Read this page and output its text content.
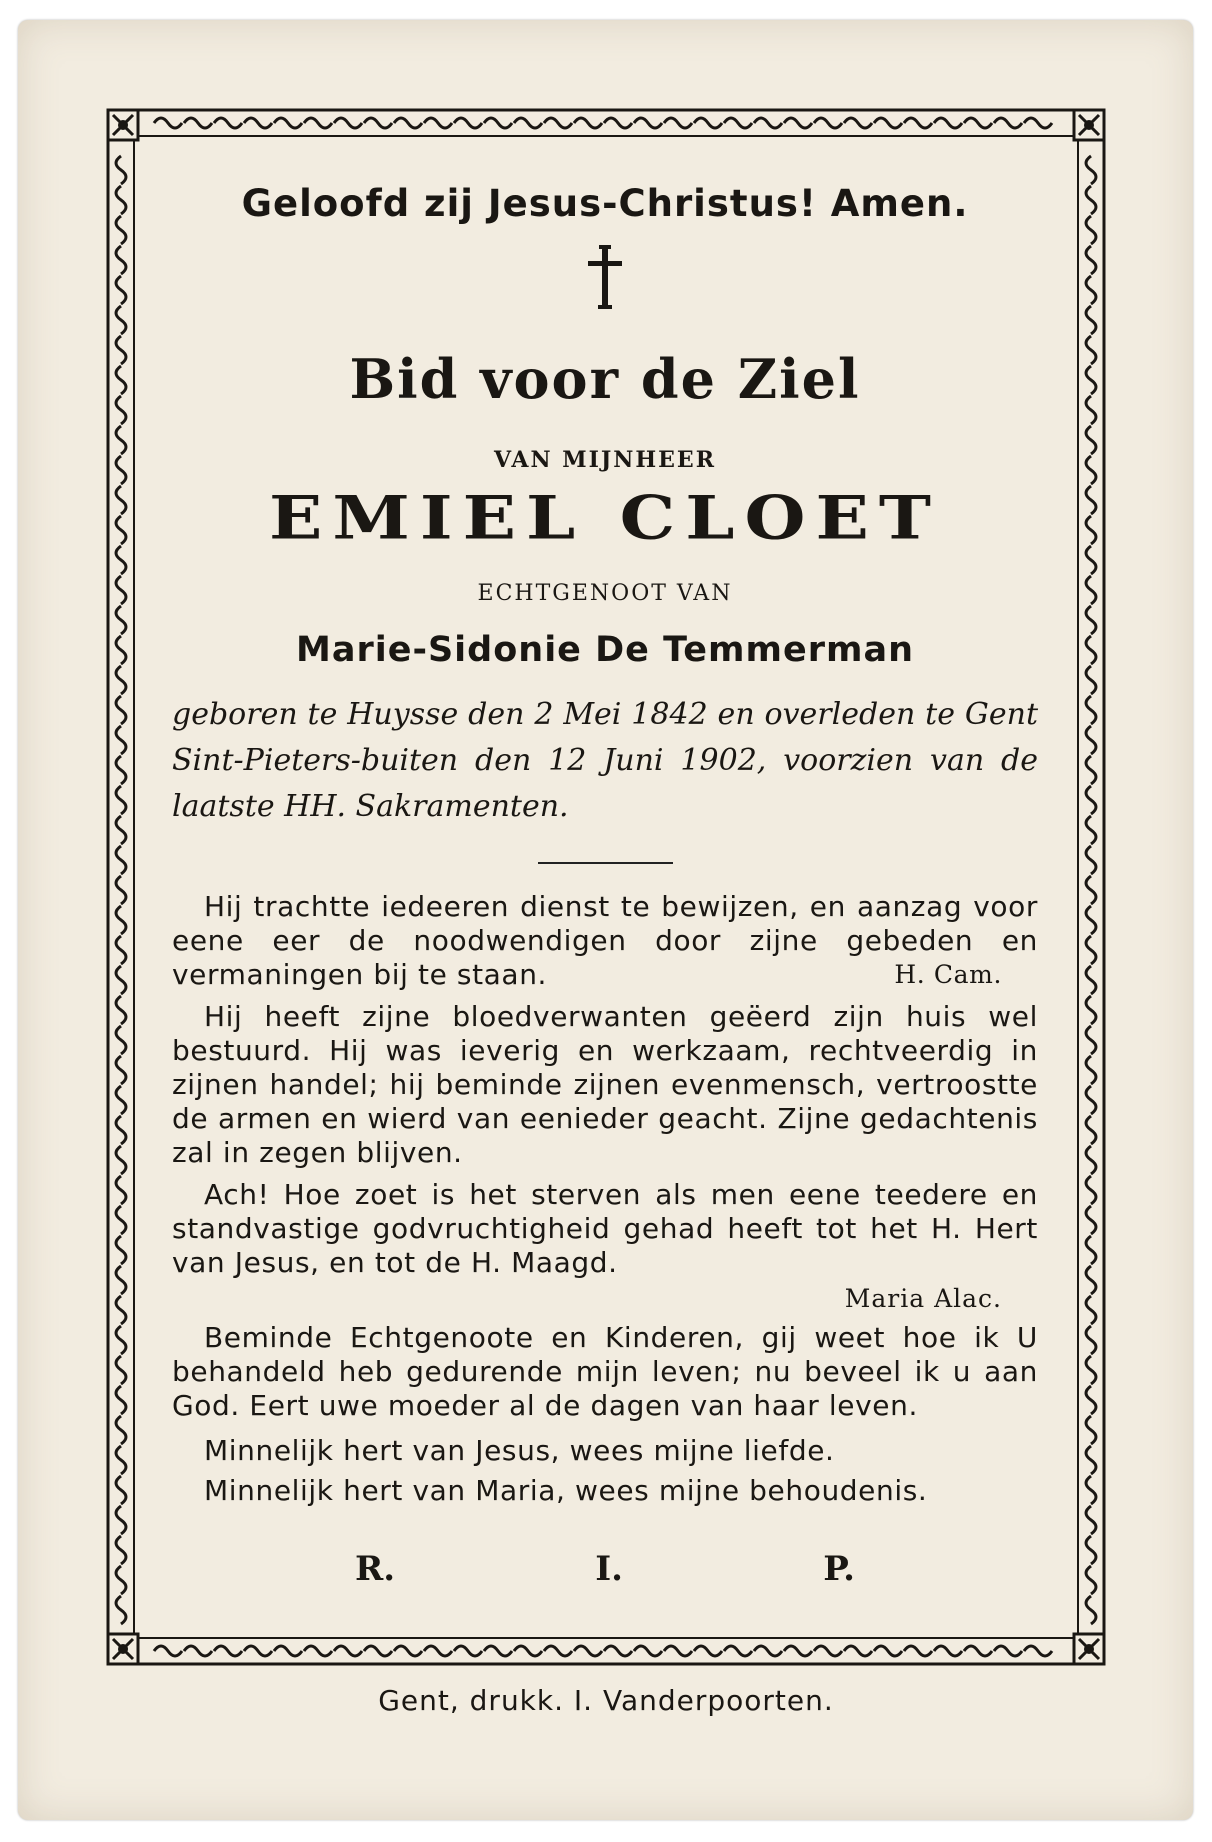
Geloofd zij Jesus-Christus! Amen.
Bid voor de Ziel
VAN MIJNHEER
EMIEL CLOET
ECHTGENOOT VAN
Marie-Sidonie De Temmerman
geboren te Huysse den 2 Mei 1842 en overleden te Gent Sint-Pieters-buiten den 12 Juni 1902, voorzien van de laatste HH. Sakramenten.

Hij trachtte iedeeren dienst te bewijzen, en aanzag voor eene eer de noodwendigen door zijne gebeden en vermaningen bij te staan.	H. Cam.

Hij heeft zijne bloedverwanten geëerd zijn huis wel bestuurd. Hij was ieverig en werkzaam, rechtveerdig in zijnen handel; hij beminde zijnen evenmensch, vertroostte de armen en wierd van eenieder geacht. Zijne gedachtenis zal in zegen blijven.

Ach! Hoe zoet is het sterven als men eene teedere en standvastige godvruchtigheid gehad heeft tot het H. Hert van Jesus, en tot de H. Maagd.

Maria Alac.

Beminde Echtgenoote en Kinderen, gij weet hoe ik U behandeld heb gedurende mijn leven; nu beveel ik u aan God. Eert uwe moeder al de dagen van haar leven.

Minnelijk hert van Jesus, wees mijne liefde.
Minnelijk hert van Maria, wees mijne behoudenis.
R.	I.	P.
Gent, drukk. I. Vanderpoorten.
